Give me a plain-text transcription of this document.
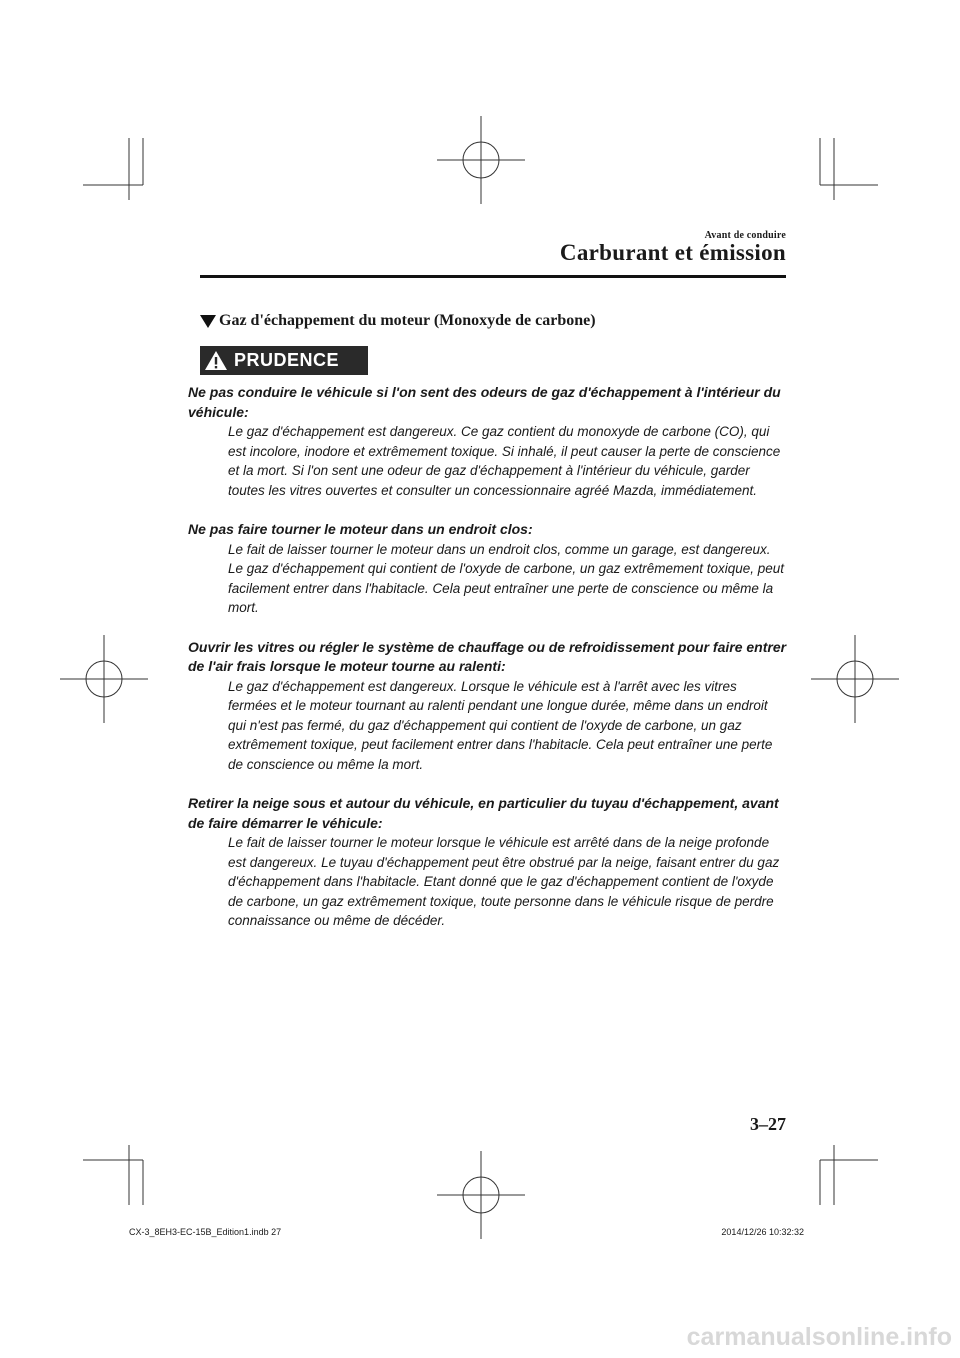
Avant de conduire
Carburant et émission
Gaz d'échappement du moteur (Monoxyde de carbone)
PRUDENCE
Ne pas conduire le véhicule si l'on sent des odeurs de gaz d'échappement à l'intérieur du véhicule:
Le gaz d'échappement est dangereux. Ce gaz contient du monoxyde de carbone (CO), qui est incolore, inodore et extrêmement toxique. Si inhalé, il peut causer la perte de conscience et la mort. Si l'on sent une odeur de gaz d'échappement à l'intérieur du véhicule, garder toutes les vitres ouvertes et consulter un concessionnaire agréé Mazda, immédiatement.
Ne pas faire tourner le moteur dans un endroit clos:
Le fait de laisser tourner le moteur dans un endroit clos, comme un garage, est dangereux. Le gaz d'échappement qui contient de l'oxyde de carbone, un gaz extrêmement toxique, peut facilement entrer dans l'habitacle. Cela peut entraîner une perte de conscience ou même la mort.
Ouvrir les vitres ou régler le système de chauffage ou de refroidissement pour faire entrer de l'air frais lorsque le moteur tourne au ralenti:
Le gaz d'échappement est dangereux. Lorsque le véhicule est à l'arrêt avec les vitres fermées et le moteur tournant au ralenti pendant une longue durée, même dans un endroit qui n'est pas fermé, du gaz d'échappement qui contient de l'oxyde de carbone, un gaz extrêmement toxique, peut facilement entrer dans l'habitacle. Cela peut entraîner une perte de conscience ou même la mort.
Retirer la neige sous et autour du véhicule, en particulier du tuyau d'échappement, avant de faire démarrer le véhicule:
Le fait de laisser tourner le moteur lorsque le véhicule est arrêté dans de la neige profonde est dangereux. Le tuyau d'échappement peut être obstrué par la neige, faisant entrer du gaz d'échappement dans l'habitacle. Etant donné que le gaz d'échappement contient de l'oxyde de carbone, un gaz extrêmement toxique, toute personne dans le véhicule risque de perdre connaissance ou même de décéder.
3–27
CX-3_8EH3-EC-15B_Edition1.indb 27	2014/12/26 10:32:32
carmanualsonline.info
